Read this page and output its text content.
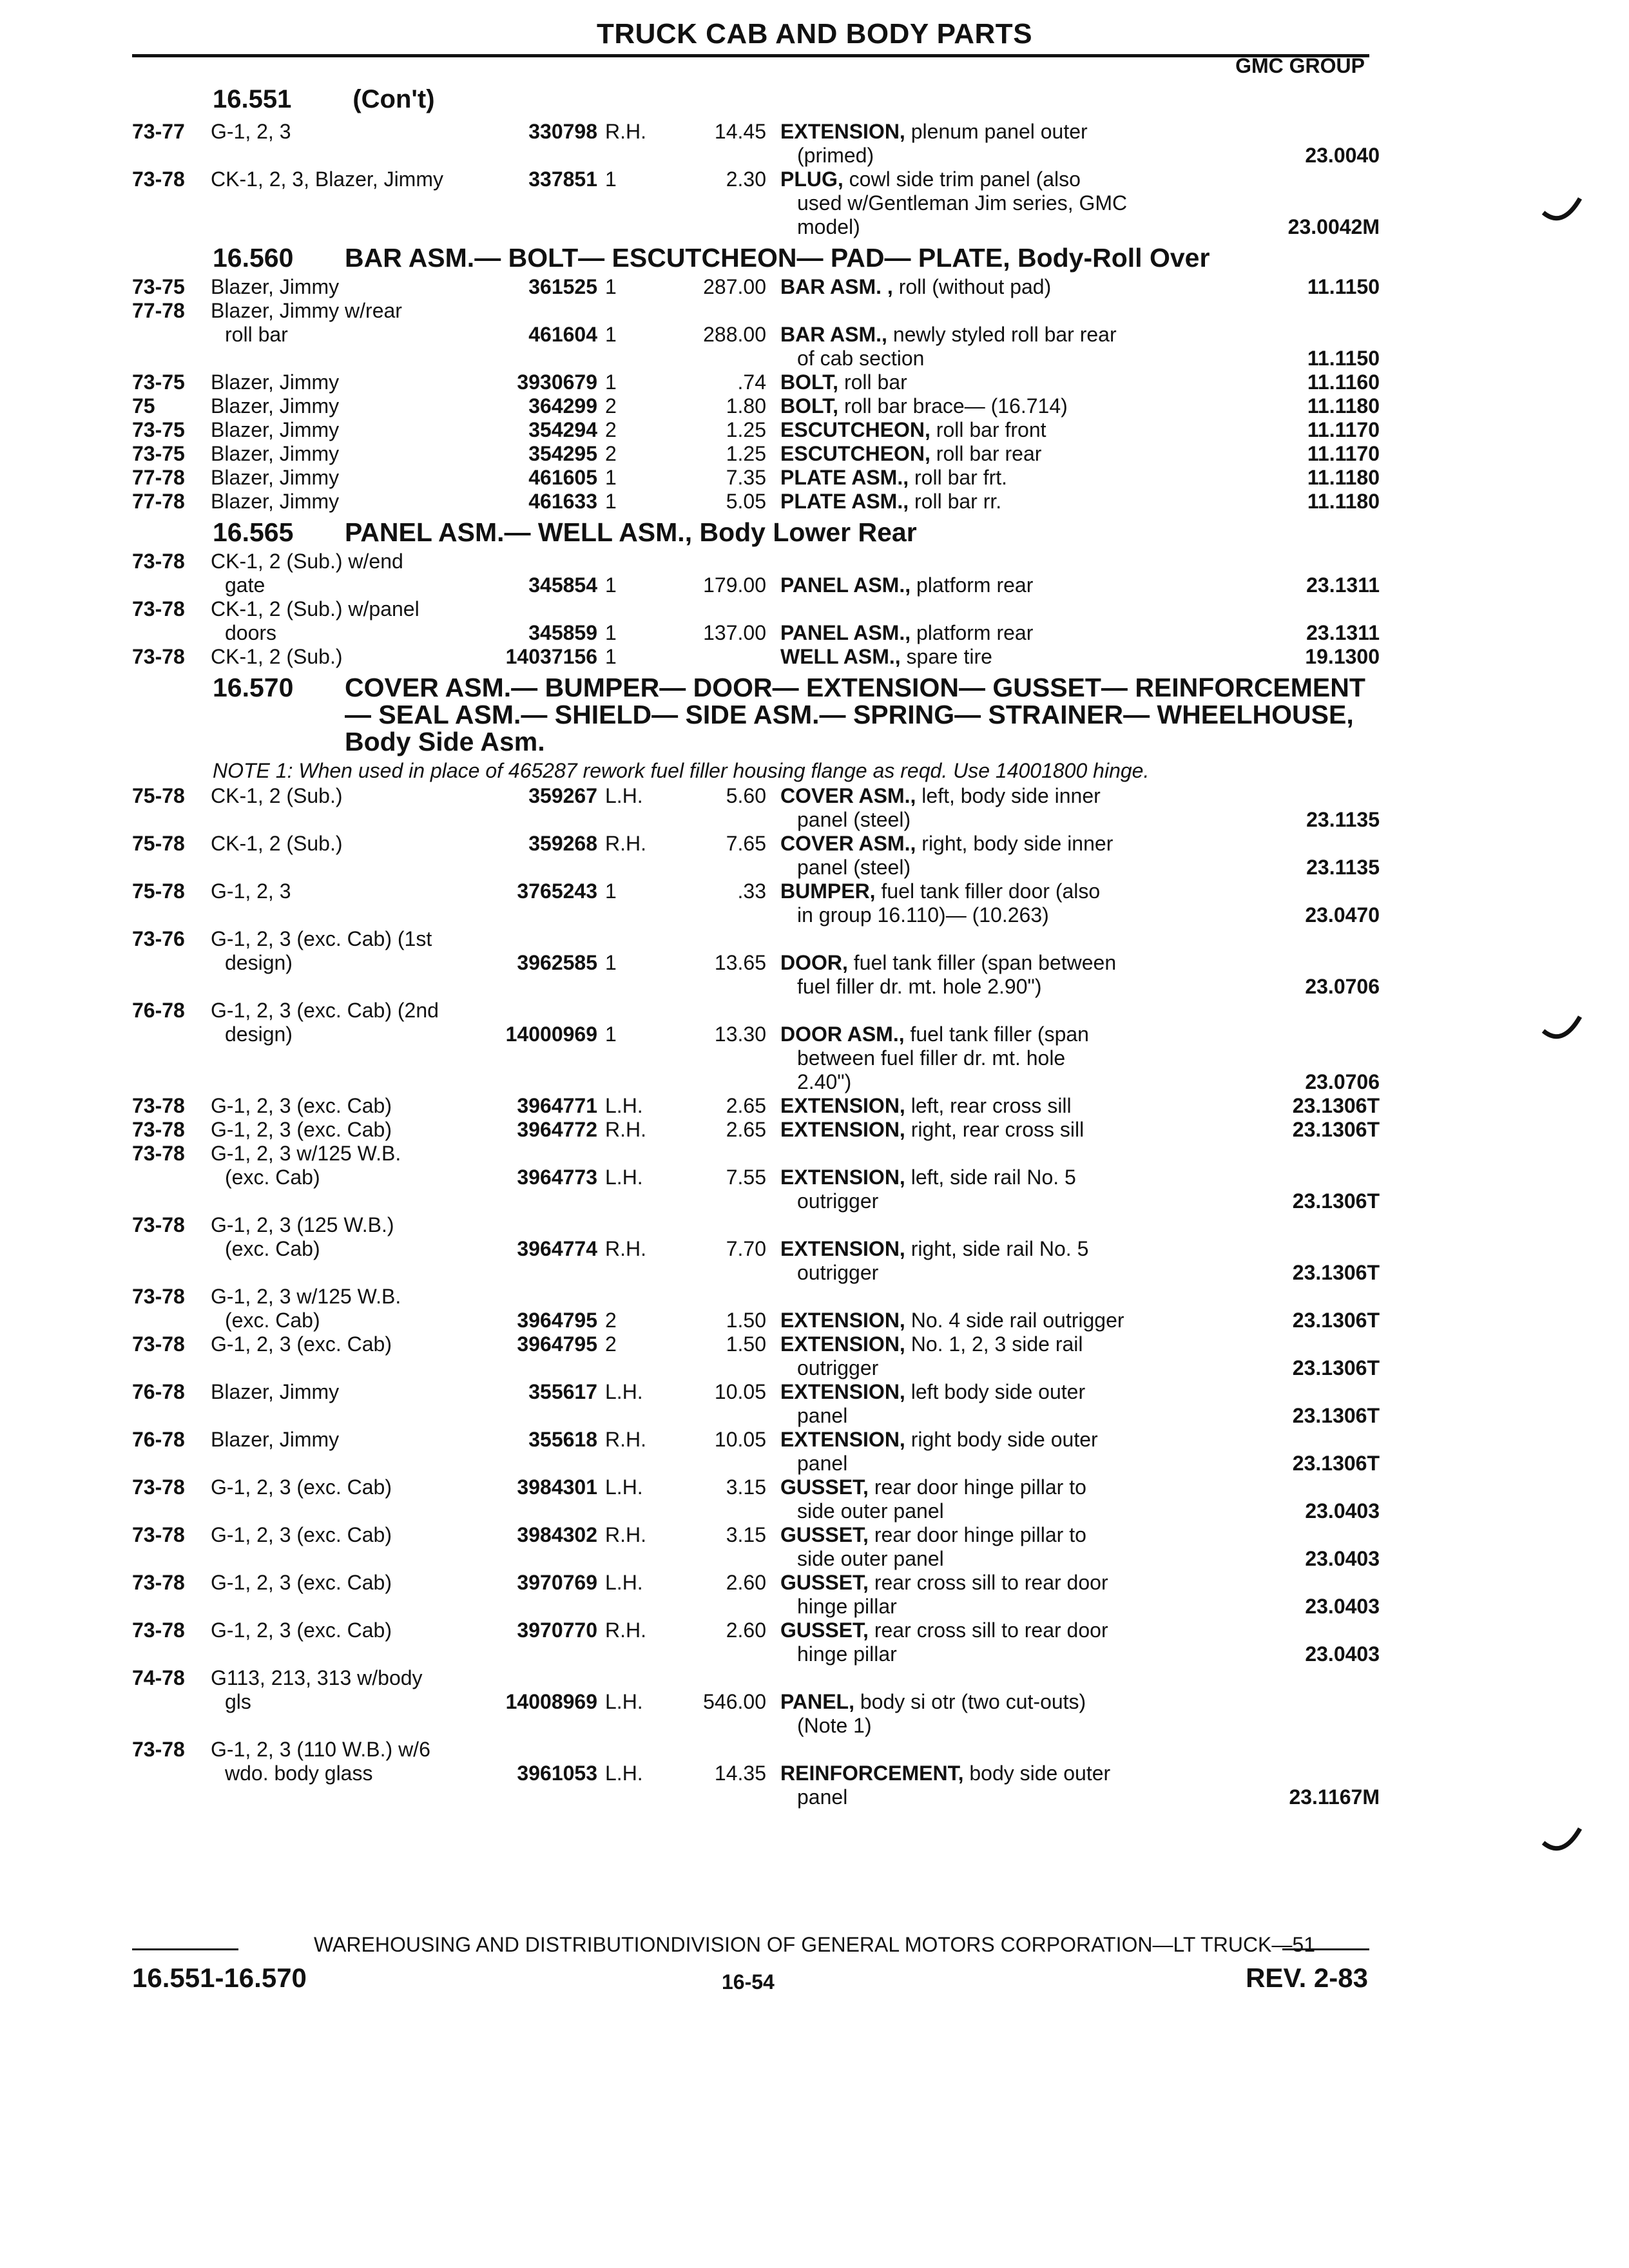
TRUCK CAB AND BODY PARTS
GMC GROUP
16.551 (Con't)
73-77	G-1, 2, 3	330798 R.H.	14.45 EXTENSION, plenum panel outer
(primed)	23.0040
73-78	CK-1, 2, 3, Blazer, Jimmy	337851 1	2.30 PLUG, cowl side trim panel (also
used w/Gentleman Jim series, GMC
model)	23.0042M
16.560	BAR ASM.— BOLT— ESCUTCHEON— PAD— PLATE, Body-Roll Over
73-75	Blazer, Jimmy	361525 1	287.00 BAR ASM. , roll (without pad)	11.1150
77-78	Blazer, Jimmy w/rear
roll bar	461604 1	288.00 BAR ASM., newly styled roll bar rear
of cab section	11.1150
73-75	Blazer, Jimmy	3930679 1	.74 BOLT, roll bar	11.1160
75	Blazer, Jimmy	364299 2	1.80 BOLT, roll bar brace— (16.714)	11.1180
73-75	Blazer, Jimmy	354294 2	1.25 ESCUTCHEON, roll bar front	11.1170
73-75	Blazer, Jimmy	354295 2	1.25 ESCUTCHEON, roll bar rear	11.1170
77-78	Blazer, Jimmy	461605 1	7.35 PLATE ASM., roll bar frt.	11.1180
77-78	Blazer, Jimmy	461633 1	5.05 PLATE ASM., roll bar rr.	11.1180
16.565	PANEL ASM.— WELL ASM., Body Lower Rear
73-78	CK-1, 2 (Sub.) w/end
gate	345854 1	179.00 PANEL ASM., platform rear	23.1311
73-78	CK-1, 2 (Sub.) w/panel
doors	345859 1	137.00 PANEL ASM., platform rear	23.1311
73-78	CK-1, 2 (Sub.)	14037156 1	WELL ASM., spare tire	19.1300
16.570	COVER ASM.— BUMPER— DOOR— EXTENSION— GUSSET— REINFORCEMENT— SEAL ASM.— SHIELD— SIDE ASM.— SPRING— STRAINER— WHEELHOUSE, Body Side Asm.
NOTE 1: When used in place of 465287 rework fuel filler housing flange as reqd. Use 14001800 hinge.
75-78	CK-1, 2 (Sub.)	359267 L.H.	5.60 COVER ASM., left, body side inner
panel (steel)	23.1135
75-78	CK-1, 2 (Sub.)	359268 R.H.	7.65 COVER ASM., right, body side inner
panel (steel)	23.1135
75-78	G-1, 2, 3	3765243 1	.33 BUMPER, fuel tank filler door (also
in group 16.110)— (10.263)	23.0470
73-76	G-1, 2, 3 (exc. Cab) (1st
design)	3962585 1	13.65 DOOR, fuel tank filler (span between
fuel filler dr. mt. hole 2.90")	23.0706
76-78	G-1, 2, 3 (exc. Cab) (2nd
design)	14000969 1	13.30 DOOR ASM., fuel tank filler (span
between fuel filler dr. mt. hole
2.40")	23.0706
73-78	G-1, 2, 3 (exc. Cab)	3964771 L.H.	2.65 EXTENSION, left, rear cross sill	23.1306T
73-78	G-1, 2, 3 (exc. Cab)	3964772 R.H.	2.65 EXTENSION, right, rear cross sill	23.1306T
73-78	G-1, 2, 3 w/125 W.B.
(exc. Cab)	3964773 L.H.	7.55 EXTENSION, left, side rail No. 5
outrigger	23.1306T
73-78	G-1, 2, 3 (125 W.B.)
(exc. Cab)	3964774 R.H.	7.70 EXTENSION, right, side rail No. 5
outrigger	23.1306T
73-78	G-1, 2, 3 w/125 W.B.
(exc. Cab)	3964795 2	1.50 EXTENSION, No. 4 side rail outrigger	23.1306T
73-78	G-1, 2, 3 (exc. Cab)	3964795 2	1.50 EXTENSION, No. 1, 2, 3 side rail
outrigger	23.1306T
76-78	Blazer, Jimmy	355617 L.H.	10.05 EXTENSION, left body side outer
panel	23.1306T
76-78	Blazer, Jimmy	355618 R.H.	10.05 EXTENSION, right body side outer
panel	23.1306T
73-78	G-1, 2, 3 (exc. Cab)	3984301 L.H.	3.15 GUSSET, rear door hinge pillar to
side outer panel	23.0403
73-78	G-1, 2, 3 (exc. Cab)	3984302 R.H.	3.15 GUSSET, rear door hinge pillar to
side outer panel	23.0403
73-78	G-1, 2, 3 (exc. Cab)	3970769 L.H.	2.60 GUSSET, rear cross sill to rear door
hinge pillar	23.0403
73-78	G-1, 2, 3 (exc. Cab)	3970770 R.H.	2.60 GUSSET, rear cross sill to rear door
hinge pillar	23.0403
74-78	G113, 213, 313 w/body
gls	14008969 L.H.	546.00 PANEL, body si otr (two cut-outs)
(Note 1)
73-78	G-1, 2, 3 (110 W.B.) w/6
wdo. body glass	3961053 L.H.	14.35 REINFORCEMENT, body side outer
panel	23.1167M
WAREHOUSING AND DISTRIBUTIONDIVISION OF GENERAL MOTORS CORPORATION—LT TRUCK—51
16.551-16.570	16-54	REV. 2-83
